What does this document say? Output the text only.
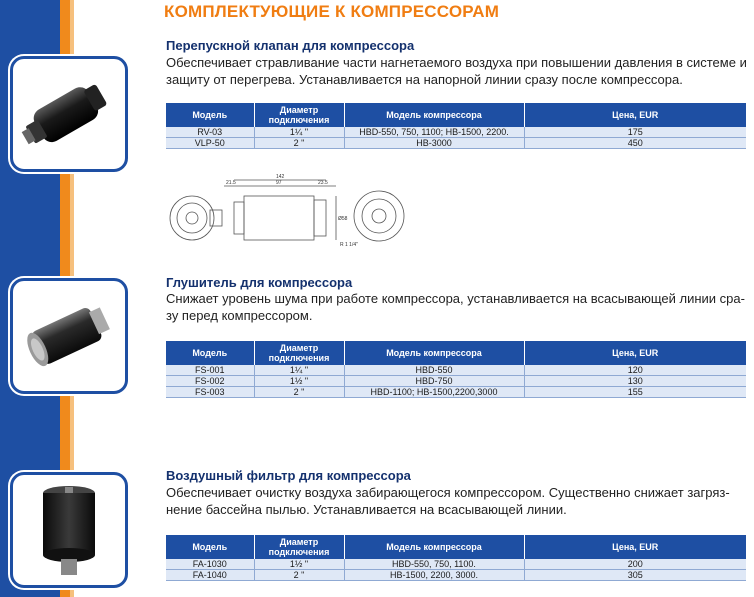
КОМПЛЕКТУЮЩИЕ К КОМПРЕССОРАМ
Перепускной клапан для компрессора
Обеспечивает стравливание части нагнетаемого воздуха при повышении давления в системе и
защиту от перегрева. Устанавливается на напорной линии сразу после компрессора.
Модель	Диаметр подключения	Модель компрессора	Цена, EUR
RV-03	1¼ "	HBD-550, 750, 1100; HB-1500, 2200.	175
VLP-50	2 "	HB-3000	450
142
97
21.5	23.5
Ø58
R 1 1/4"
Глушитель для компрессора
Снижает уровень шума при работе компрессора, устанавливается на всасывающей линии сра-
зу перед компрессором.
Модель	Диаметр подключения	Модель компрессора	Цена, EUR
FS-001	1¼ "	HBD-550	120
FS-002	1½ "	HBD-750	130
FS-003	2 "	HBD-1100; HB-1500,2200,3000	155
Воздушный фильтр для компрессора
Обеспечивает очистку воздуха забирающегося компрессором. Существенно снижает загряз-
нение бассейна пылью. Устанавливается на всасывающей линии.
Модель	Диаметр подключения	Модель компрессора	Цена, EUR
FA-1030	1½ "	HBD-550, 750, 1100.	200
FA-1040	2 "	HB-1500, 2200, 3000.	305
